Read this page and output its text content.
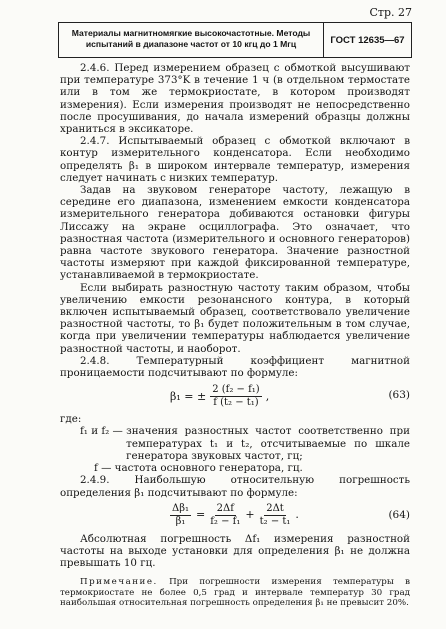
Стр. 27
Материалы магнитномягкие высокочастотные. Методы
испытаний в диапазоне частот от 10 кгц до 1 Мгц	ГОСТ 12635—67

2.4.6. Перед измерением образец с обмоткой высушивают при температуре 373°K в течение 1 ч (в отдельном термостате или в том же термокриостате, в котором производят измерения). Если измерения производят не непосредственно после просушивания, до начала измерений образцы должны храниться в эксикаторе.

2.4.7. Испытываемый образец с обмоткой включают в контур измерительного конденсатора. Если необходимо определять β₁ в широком интервале температур, измерения следует начинать с низких температур.

Задав на звуковом генераторе частоту, лежащую в середине его диапазона, изменением емкости конденсатора измерительного генератора добиваются остановки фигуры Лиссажу на экране осциллографа. Это означает, что разностная частота (измерительного и основного генераторов) равна частоте звукового генератора. Значение разностной частоты измеряют при каждой фиксированной температуре, устанавливаемой в термокриостате.

Если выбирать разностную частоту таким образом, чтобы увеличению емкости резонансного контура, в который включен испытываемый образец, соответствовало увеличение разностной частоты, то β₁ будет положительным в том случае, когда при увеличении температуры наблюдается увеличение разностной частоты, и наоборот.

2.4.8. Температурный коэффициент магнитной проницаемости подсчитывают по формуле:

β₁ = ± $\frac{\text{2 (f₂ − f₁)}}{\text{f (t₂ − t₁)}}$ ,	(63)

где:

f₁ и f₂ —
значения разностных частот соответственно при температурах t₁ и t₂, отсчитываемые по шкале генератора звуковых частот, гц;
f —
частота основного генератора, гц.

2.4.9. Наибольшую относительную погрешность определения β₁ подсчитывают по формуле:

$\frac{\text{Δβ₁}}{\text{β₁}} = \frac{2\Delta f}{\text{f₂ − f₁}} + \frac{2\Delta t}{\text{t₂ − t₁}}$ .	(64)

Абсолютная погрешность Δf₁ измерения разностной частоты на выходе установки для определения β₁ не должна превышать 10 гц.

Примечание. При погрешности измерения температуры в термокриостате не более 0,5 град и интервале температур 30 град наибольшая относительная погрешность определения β₁ не превысит 20%.
